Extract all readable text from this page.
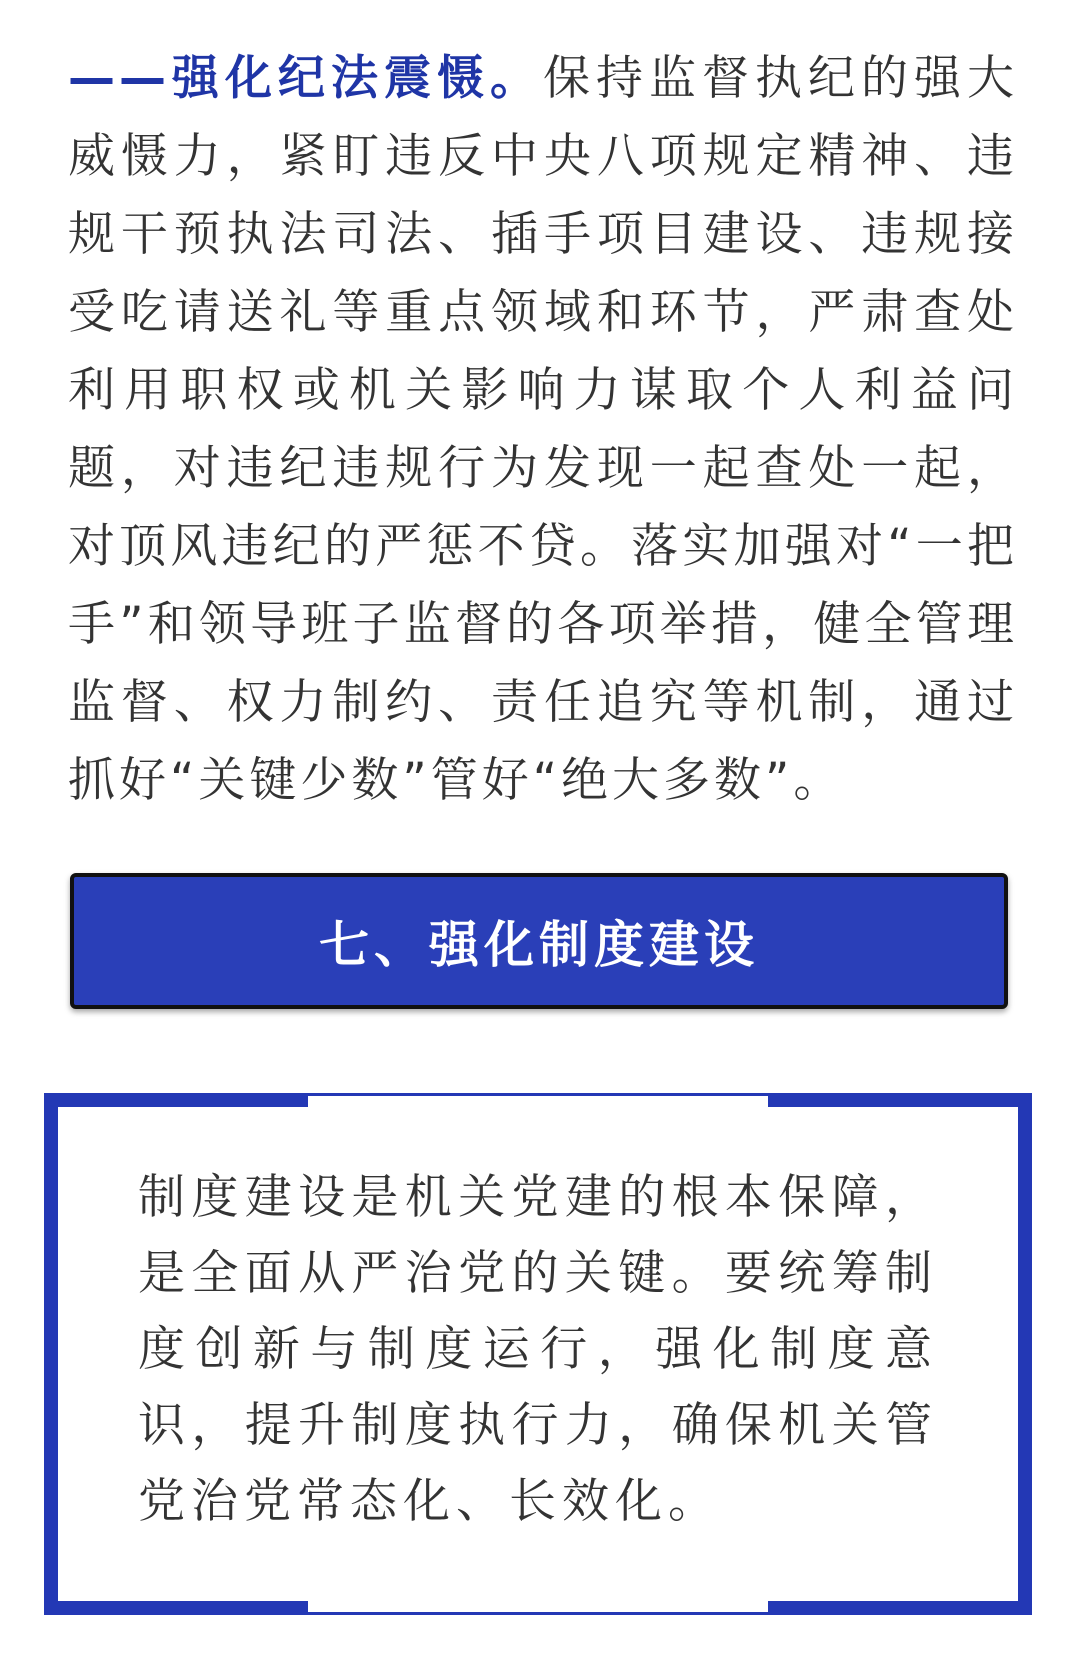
——强化纪法震慑。保持监督执纪的强大威慑力，紧盯违反中央八项规定精神、违规干预执法司法、插手项目建设、违规接受吃请送礼等重点领域和环节，严肃查处利用职权或机关影响力谋取个人利益问题，对违纪违规行为发现一起查处一起，对顶风违纪的严惩不贷。落实加强对“一把手”和领导班子监督的各项举措，健全管理监督、权力制约、责任追究等机制，通过抓好“关键少数”管好“绝大多数”。

七、强化制度建设

制度建设是机关党建的根本保障，是全面从严治党的关键。要统筹制度创新与制度运行，强化制度意识，提升制度执行力，确保机关管党治党常态化、长效化。
